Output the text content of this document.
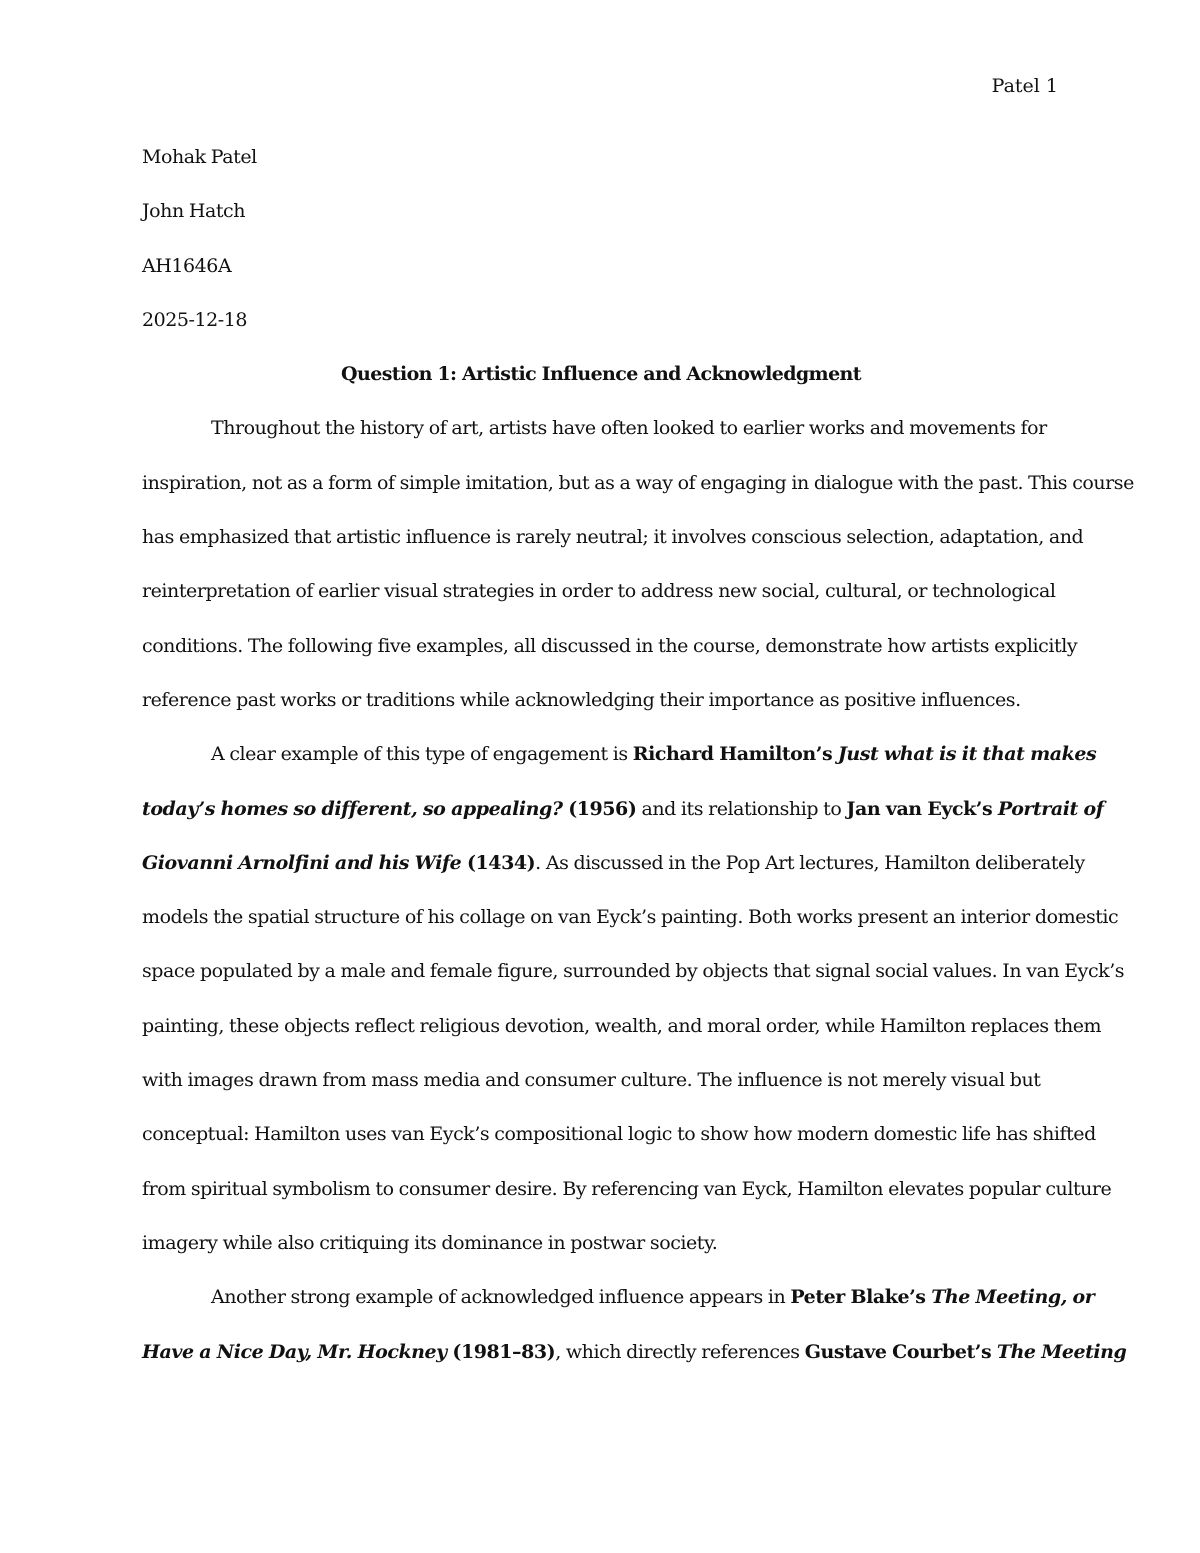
Patel 1
Mohak Patel
John Hatch
AH1646A
2025-12-18
Question 1: Artistic Influence and Acknowledgment
Throughout the history of art, artists have often looked to earlier works and movements for
inspiration, not as a form of simple imitation, but as a way of engaging in dialogue with the past. This course
has emphasized that artistic influence is rarely neutral; it involves conscious selection, adaptation, and
reinterpretation of earlier visual strategies in order to address new social, cultural, or technological
conditions. The following five examples, all discussed in the course, demonstrate how artists explicitly
reference past works or traditions while acknowledging their importance as positive influences.
A clear example of this type of engagement is Richard Hamilton’s Just what is it that makes
today’s homes so different, so appealing? (1956) and its relationship to Jan van Eyck’s Portrait of
Giovanni Arnolfini and his Wife (1434). As discussed in the Pop Art lectures, Hamilton deliberately
models the spatial structure of his collage on van Eyck’s painting. Both works present an interior domestic
space populated by a male and female figure, surrounded by objects that signal social values. In van Eyck’s
painting, these objects reflect religious devotion, wealth, and moral order, while Hamilton replaces them
with images drawn from mass media and consumer culture. The influence is not merely visual but
conceptual: Hamilton uses van Eyck’s compositional logic to show how modern domestic life has shifted
from spiritual symbolism to consumer desire. By referencing van Eyck, Hamilton elevates popular culture
imagery while also critiquing its dominance in postwar society.
Another strong example of acknowledged influence appears in Peter Blake’s The Meeting, or
Have a Nice Day, Mr. Hockney (1981–83), which directly references Gustave Courbet’s The Meeting
